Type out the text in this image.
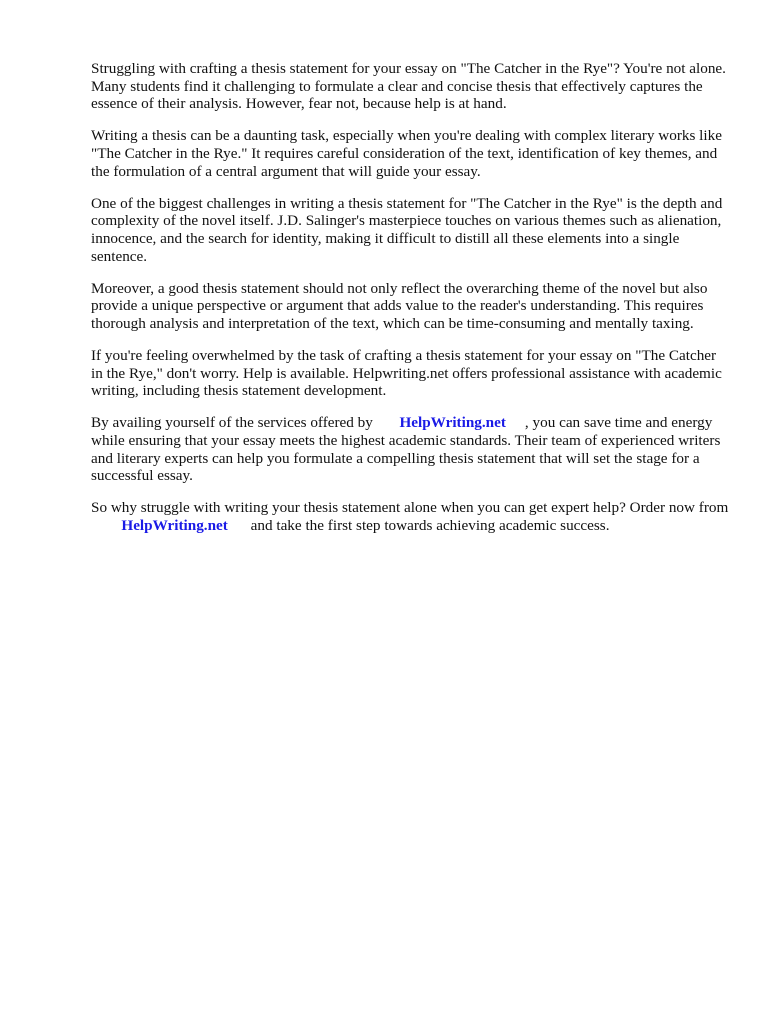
Struggling with crafting a thesis statement for your essay on "The Catcher in the Rye"? You're not alone. Many students find it challenging to formulate a clear and concise thesis that effectively captures the essence of their analysis. However, fear not, because help is at hand.

Writing a thesis can be a daunting task, especially when you're dealing with complex literary works like "The Catcher in the Rye." It requires careful consideration of the text, identification of key themes, and the formulation of a central argument that will guide your essay.

One of the biggest challenges in writing a thesis statement for "The Catcher in the Rye" is the depth and complexity of the novel itself. J.D. Salinger's masterpiece touches on various themes such as alienation, innocence, and the search for identity, making it difficult to distill all these elements into a single sentence.

Moreover, a good thesis statement should not only reflect the overarching theme of the novel but also provide a unique perspective or argument that adds value to the reader's understanding. This requires thorough analysis and interpretation of the text, which can be time-consuming and mentally taxing.

If you're feeling overwhelmed by the task of crafting a thesis statement for your essay on "The Catcher in the Rye," don't worry. Help is available. Helpwriting.net offers professional assistance with academic writing, including thesis statement development.

By availing yourself of the services offered by HelpWriting.net , you can save time and energy while ensuring that your essay meets the highest academic standards. Their team of experienced writers and literary experts can help you formulate a compelling thesis statement that will set the stage for a successful essay.

So why struggle with writing your thesis statement alone when you can get expert help? Order now from        HelpWriting.net and take the first step towards achieving academic success.
